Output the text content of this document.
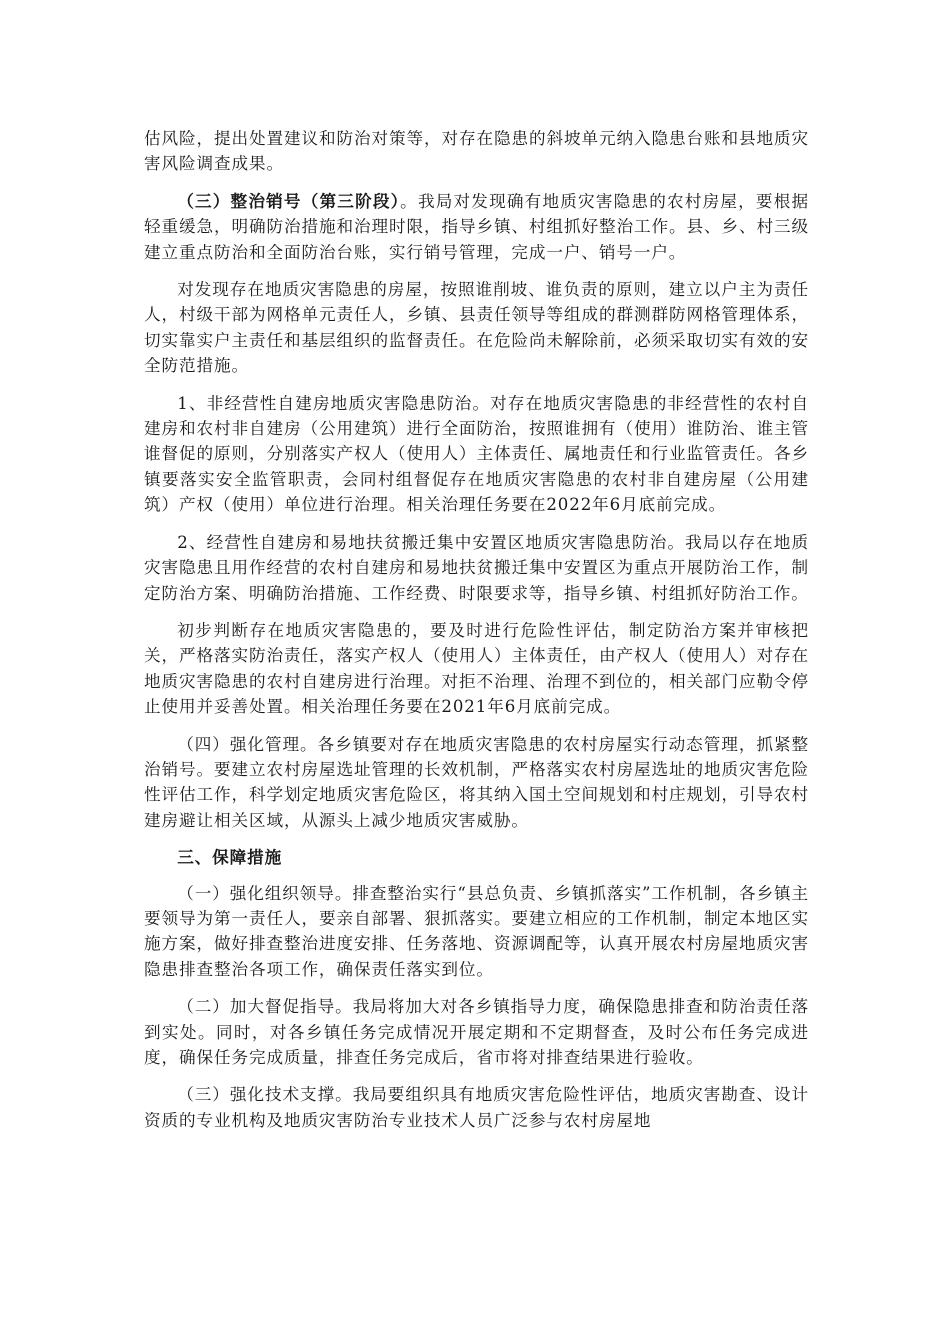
估风险，提出处置建议和防治对策等，对存在隐患的斜坡单元纳入隐患台账和县地质灾害风险调查成果。

（三）整治销号（第三阶段）。我局对发现确有地质灾害隐患的农村房屋，要根据轻重缓急，明确防治措施和治理时限，指导乡镇、村组抓好整治工作。县、乡、村三级建立重点防治和全面防治台账，实行销号管理，完成一户、销号一户。

对发现存在地质灾害隐患的房屋，按照谁削坡、谁负责的原则，建立以户主为责任人，村级干部为网格单元责任人，乡镇、县责任领导等组成的群测群防网格管理体系，切实靠实户主责任和基层组织的监督责任。在危险尚未解除前，必须采取切实有效的安全防范措施。

1、非经营性自建房地质灾害隐患防治。对存在地质灾害隐患的非经营性的农村自建房和农村非自建房（公用建筑）进行全面防治，按照谁拥有（使用）谁防治、谁主管谁督促的原则，分别落实产权人（使用人）主体责任、属地责任和行业监管责任。各乡镇要落实安全监管职责，会同村组督促存在地质灾害隐患的农村非自建房屋（公用建筑）产权（使用）单位进行治理。相关治理任务要在2022年6月底前完成。

2、经营性自建房和易地扶贫搬迁集中安置区地质灾害隐患防治。我局以存在地质灾害隐患且用作经营的农村自建房和易地扶贫搬迁集中安置区为重点开展防治工作，制定防治方案、明确防治措施、工作经费、时限要求等，指导乡镇、村组抓好防治工作。

初步判断存在地质灾害隐患的，要及时进行危险性评估，制定防治方案并审核把关，严格落实防治责任，落实产权人（使用人）主体责任，由产权人（使用人）对存在地质灾害隐患的农村自建房进行治理。对拒不治理、治理不到位的，相关部门应勒令停止使用并妥善处置。相关治理任务要在2021年6月底前完成。

（四）强化管理。各乡镇要对存在地质灾害隐患的农村房屋实行动态管理，抓紧整治销号。要建立农村房屋选址管理的长效机制，严格落实农村房屋选址的地质灾害危险性评估工作，科学划定地质灾害危险区，将其纳入国土空间规划和村庄规划，引导农村建房避让相关区域，从源头上减少地质灾害威胁。

三、保障措施

（一）强化组织领导。排查整治实行“县总负责、乡镇抓落实”工作机制，各乡镇主要领导为第一责任人，要亲自部署、狠抓落实。要建立相应的工作机制，制定本地区实施方案，做好排查整治进度安排、任务落地、资源调配等，认真开展农村房屋地质灾害隐患排查整治各项工作，确保责任落实到位。

（二）加大督促指导。我局将加大对各乡镇指导力度，确保隐患排查和防治责任落到实处。同时，对各乡镇任务完成情况开展定期和不定期督查，及时公布任务完成进度，确保任务完成质量，排查任务完成后，省市将对排查结果进行验收。

（三）强化技术支撑。我局要组织具有地质灾害危险性评估，地质灾害勘查、设计资质的专业机构及地质灾害防治专业技术人员广泛参与农村房屋地
